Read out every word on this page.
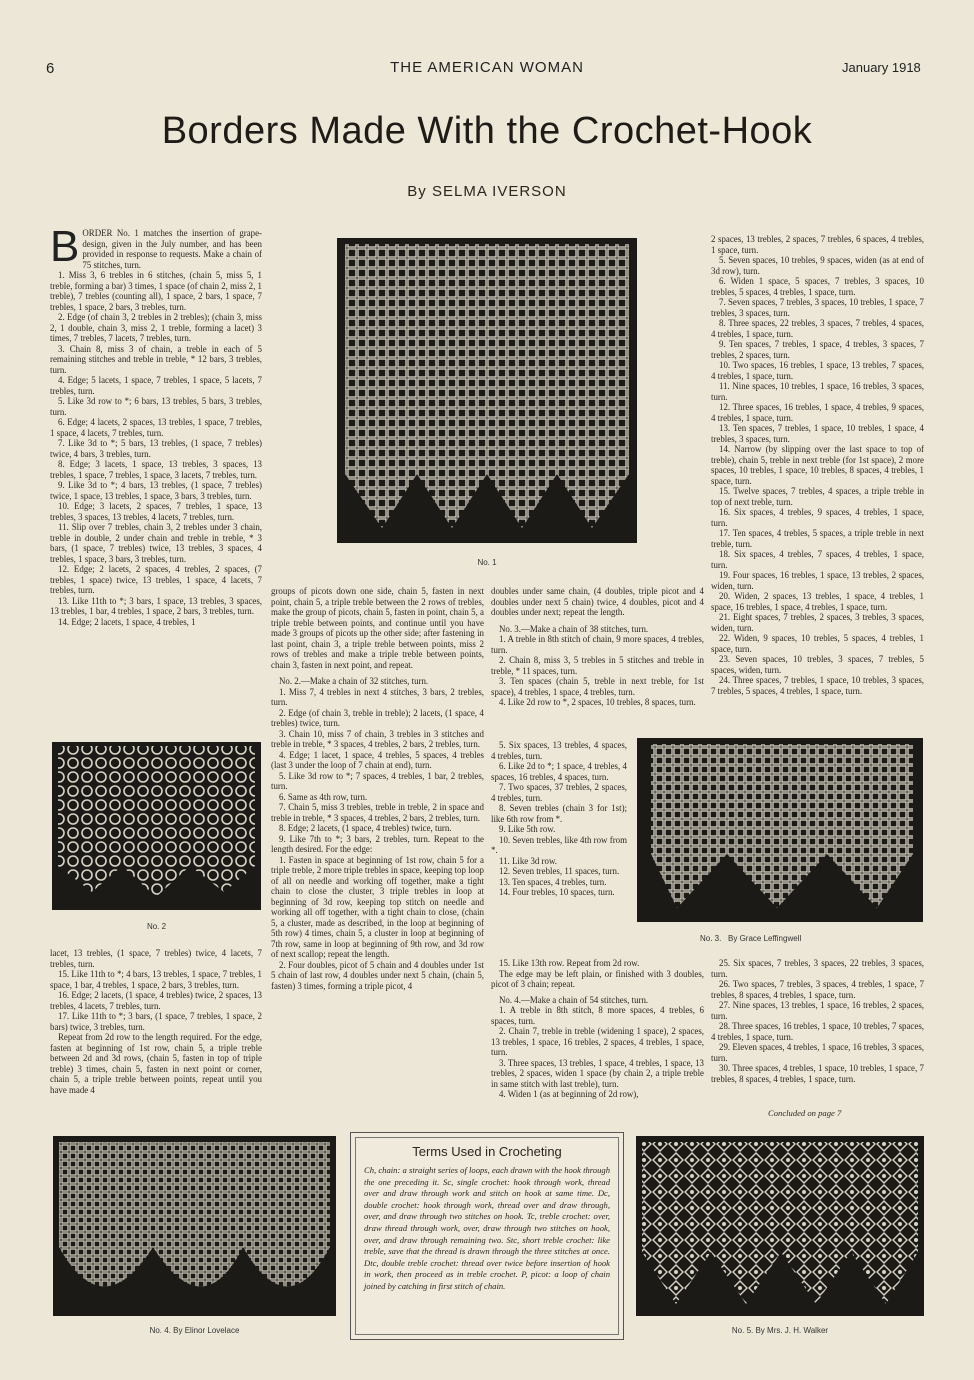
6	THE AMERICAN WOMAN	January 1918
Borders Made With the Crochet-Hook
By SELMA IVERSON

BORDER No. 1 matches the insertion of grape-design, given in the July number, and has been provided in response to requests. Make a chain of 75 stitches, turn.

1. Miss 3, 6 trebles in 6 stitches, (chain 5, miss 5, 1 treble, forming a bar) 3 times, 1 space (of chain 2, miss 2, 1 treble), 7 trebles (counting all), 1 space, 2 bars, 1 space, 7 trebles, 1 space, 2 bars, 3 trebles, turn.

2. Edge (of chain 3, 2 trebles in 2 trebles); (chain 3, miss 2, 1 double, chain 3, miss 2, 1 treble, forming a lacet) 3 times, 7 trebles, 7 lacets, 7 trebles, turn.

3. Chain 8, miss 3 of chain, a treble in each of 5 remaining stitches and treble in treble, * 12 bars, 3 trebles, turn.

4. Edge; 5 lacets, 1 space, 7 trebles, 1 space, 5 lacets, 7 trebles, turn.

5. Like 3d row to *; 6 bars, 13 trebles, 5 bars, 3 trebles, turn.

6. Edge; 4 lacets, 2 spaces, 13 trebles, 1 space, 7 trebles, 1 space, 4 lacets, 7 trebles, turn.

7. Like 3d to *; 5 bars, 13 trebles, (1 space, 7 trebles) twice, 4 bars, 3 trebles, turn.

8. Edge; 3 lacets, 1 space, 13 trebles, 3 spaces, 13 trebles, 1 space, 7 trebles, 1 space, 3 lacets, 7 trebles, turn.

9. Like 3d to *; 4 bars, 13 trebles, (1 space, 7 trebles) twice, 1 space, 13 trebles, 1 space, 3 bars, 3 trebles, turn.

10. Edge; 3 lacets, 2 spaces, 7 trebles, 1 space, 13 trebles, 3 spaces, 13 trebles, 4 lacets, 7 trebles, turn.

11. Slip over 7 trebles, chain 3, 2 trebles under 3 chain, treble in double, 2 under chain and treble in treble, * 3 bars, (1 space, 7 trebles) twice, 13 trebles, 3 spaces, 4 trebles, 1 space, 3 bars, 3 trebles, turn.

12. Edge; 2 lacets, 2 spaces, 4 trebles, 2 spaces, (7 trebles, 1 space) twice, 13 trebles, 1 space, 4 lacets, 7 trebles, turn.

13. Like 11th to *; 3 bars, 1 space, 13 trebles, 3 spaces, 13 trebles, 1 bar, 4 trebles, 1 space, 2 bars, 3 trebles, turn.

14. Edge; 2 lacets, 1 space, 4 trebles, 1

No. 2

lacet, 13 trebles, (1 space, 7 trebles) twice, 4 lacets, 7 trebles, turn.

15. Like 11th to *; 4 bars, 13 trebles, 1 space, 7 trebles, 1 space, 1 bar, 4 trebles, 1 space, 2 bars, 3 trebles, turn.

16. Edge; 2 lacets, (1 space, 4 trebles) twice, 2 spaces, 13 trebles, 4 lacets, 7 trebles, turn.

17. Like 11th to *; 3 bars, (1 space, 7 trebles, 1 space, 2 bars) twice, 3 trebles, turn.

Repeat from 2d row to the length required. For the edge, fasten at beginning of 1st row, chain 5, a triple treble between 2d and 3d rows, (chain 5, fasten in top of triple treble) 3 times, chain 5, fasten in next point or corner, chain 5, a triple treble between points, repeat until you have made 4

No. 1

groups of picots down one side, chain 5, fasten in next point, chain 5, a triple treble between the 2 rows of trebles, make the group of picots, chain 5, fasten in point, chain 5, a triple treble between points, and continue until you have made 3 groups of picots up the other side; after fastening in last point, chain 3, a triple treble between points, miss 2 rows of trebles and make a triple treble between points, chain 3, fasten in next point, and repeat.

No. 2.—Make a chain of 32 stitches, turn.

1. Miss 7, 4 trebles in next 4 stitches, 3 bars, 2 trebles, turn.

2. Edge (of chain 3, treble in treble); 2 lacets, (1 space, 4 trebles) twice, turn.

3. Chain 10, miss 7 of chain, 3 trebles in 3 stitches and treble in treble, * 3 spaces, 4 trebles, 2 bars, 2 trebles, turn.

4. Edge; 1 lacet, 1 space, 4 trebles, 5 spaces, 4 trebles (last 3 under the loop of 7 chain at end), turn.

5. Like 3d row to *; 7 spaces, 4 trebles, 1 bar, 2 trebles, turn.

6. Same as 4th row, turn.

7. Chain 5, miss 3 trebles, treble in treble, 2 in space and treble in treble, * 3 spaces, 4 trebles, 2 bars, 2 trebles, turn.

8. Edge; 2 lacets, (1 space, 4 trebles) twice, turn.

9. Like 7th to *; 3 bars, 2 trebles, turn. Repeat to the length desired. For the edge:

1. Fasten in space at beginning of 1st row, chain 5 for a triple treble, 2 more triple trebles in space, keeping top loop of all on needle and working off together, make a tight chain to close the cluster, 3 triple trebles in loop at beginning of 3d row, keeping top stitch on needle and working all off together, with a tight chain to close, (chain 5, a cluster, made as described, in the loop at beginning of 5th row) 4 times, chain 5, a cluster in loop at beginning of 7th row, same in loop at beginning of 9th row, and 3d row of next scallop; repeat the length.

2. Four doubles, picot of 5 chain and 4 doubles under 1st 5 chain of last row, 4 doubles under next 5 chain, (chain 5, fasten) 3 times, forming a triple picot, 4

doubles under same chain, (4 doubles, triple picot and 4 doubles under next 5 chain) twice, 4 doubles, picot and 4 doubles under next; repeat the length.

No. 3.—Make a chain of 38 stitches, turn.

1. A treble in 8th stitch of chain, 9 more spaces, 4 trebles, turn.

2. Chain 8, miss 3, 5 trebles in 5 stitches and treble in treble, * 11 spaces, turn.

3. Ten spaces (chain 5, treble in next treble, for 1st space), 4 trebles, 1 space, 4 trebles, turn.

4. Like 2d row to *, 2 spaces, 10 trebles, 8 spaces, turn.

5. Six spaces, 13 trebles, 4 spaces, 4 trebles, turn.

6. Like 2d to *; 1 space, 4 trebles, 4 spaces, 16 trebles, 4 spaces, turn.

7. Two spaces, 37 trebles, 2 spaces, 4 trebles, turn.

8. Seven trebles (chain 3 for 1st); like 6th row from *.

9. Like 5th row.

10. Seven trebles, like 4th row from *.

11. Like 3d row.

12. Seven trebles, 11 spaces, turn.

13. Ten spaces, 4 trebles, turn.

14. Four trebles, 10 spaces, turn.

15. Like 13th row. Repeat from 2d row.

The edge may be left plain, or finished with 3 doubles, picot of 3 chain; repeat.

No. 4.—Make a chain of 54 stitches, turn.

1. A treble in 8th stitch, 8 more spaces, 4 trebles, 6 spaces, turn.

2. Chain 7, treble in treble (widening 1 space), 2 spaces, 13 trebles, 1 space, 16 trebles, 2 spaces, 4 trebles, 1 space, turn.

3. Three spaces, 13 trebles, 1 space, 4 trebles, 1 space, 13 trebles, 2 spaces, widen 1 space (by chain 2, a triple treble in same stitch with last treble), turn.

4. Widen 1 (as at beginning of 2d row),

No. 3. By Grace Leffingwell

2 spaces, 13 trebles, 2 spaces, 7 trebles, 6 spaces, 4 trebles, 1 space, turn.

5. Seven spaces, 10 trebles, 9 spaces, widen (as at end of 3d row), turn.

6. Widen 1 space, 5 spaces, 7 trebles, 3 spaces, 10 trebles, 5 spaces, 4 trebles, 1 space, turn.

7. Seven spaces, 7 trebles, 3 spaces, 10 trebles, 1 space, 7 trebles, 3 spaces, turn.

8. Three spaces, 22 trebles, 3 spaces, 7 trebles, 4 spaces, 4 trebles, 1 space, turn.

9. Ten spaces, 7 trebles, 1 space, 4 trebles, 3 spaces, 7 trebles, 2 spaces, turn.

10. Two spaces, 16 trebles, 1 space, 13 trebles, 7 spaces, 4 trebles, 1 space, turn.

11. Nine spaces, 10 trebles, 1 space, 16 trebles, 3 spaces, turn.

12. Three spaces, 16 trebles, 1 space, 4 trebles, 9 spaces, 4 trebles, 1 space, turn.

13. Ten spaces, 7 trebles, 1 space, 10 trebles, 1 space, 4 trebles, 3 spaces, turn.

14. Narrow (by slipping over the last space to top of treble), chain 5, treble in next treble (for 1st space), 2 more spaces, 10 trebles, 1 space, 10 trebles, 8 spaces, 4 trebles, 1 space, turn.

15. Twelve spaces, 7 trebles, 4 spaces, a triple treble in top of next treble, turn.

16. Six spaces, 4 trebles, 9 spaces, 4 trebles, 1 space, turn.

17. Ten spaces, 4 trebles, 5 spaces, a triple treble in next treble, turn.

18. Six spaces, 4 trebles, 7 spaces, 4 trebles, 1 space, turn.

19. Four spaces, 16 trebles, 1 space, 13 trebles, 2 spaces, widen, turn.

20. Widen, 2 spaces, 13 trebles, 1 space, 4 trebles, 1 space, 16 trebles, 1 space, 4 trebles, 1 space, turn.

21. Eight spaces, 7 trebles, 2 spaces, 3 trebles, 3 spaces, widen, turn.

22. Widen, 9 spaces, 10 trebles, 5 spaces, 4 trebles, 1 space, turn.

23. Seven spaces, 10 trebles, 3 spaces, 7 trebles, 5 spaces, widen, turn.

24. Three spaces, 7 trebles, 1 space, 10 trebles, 3 spaces, 7 trebles, 5 spaces, 4 trebles, 1 space, turn.

25. Six spaces, 7 trebles, 3 spaces, 22 trebles, 3 spaces, turn.

26. Two spaces, 7 trebles, 3 spaces, 4 trebles, 1 space, 7 trebles, 8 spaces, 4 trebles, 1 space, turn.

27. Nine spaces, 13 trebles, 1 space, 16 trebles, 2 spaces, turn.

28. Three spaces, 16 trebles, 1 space, 10 trebles, 7 spaces, 4 trebles, 1 space, turn.

29. Eleven spaces, 4 trebles, 1 space, 16 trebles, 3 spaces, turn.

30. Three spaces, 4 trebles, 1 space, 10 trebles, 1 space, 7 trebles, 8 spaces, 4 trebles, 1 space, turn.

Concluded on page 7
No. 4. By Elinor Lovelace
Terms Used in Crocheting
Ch, chain: a straight series of loops, each drawn with the hook through the one preceding it. Sc, single crochet: hook through work, thread over and draw through work and stitch on hook at same time. Dc, double crochet: hook through work, thread over and draw through, over, and draw through two stitches on hook. Tc, treble crochet: over, draw thread through work, over, draw through two stitches on hook, over, and draw through remaining two. Stc, short treble crochet: like treble, save that the thread is drawn through the three stitches at once. Dtc, double treble crochet: thread over twice before insertion of hook in work, then proceed as in treble crochet. P, picot: a loop of chain joined by catching in first stitch of chain.
No. 5. By Mrs. J. H. Walker
